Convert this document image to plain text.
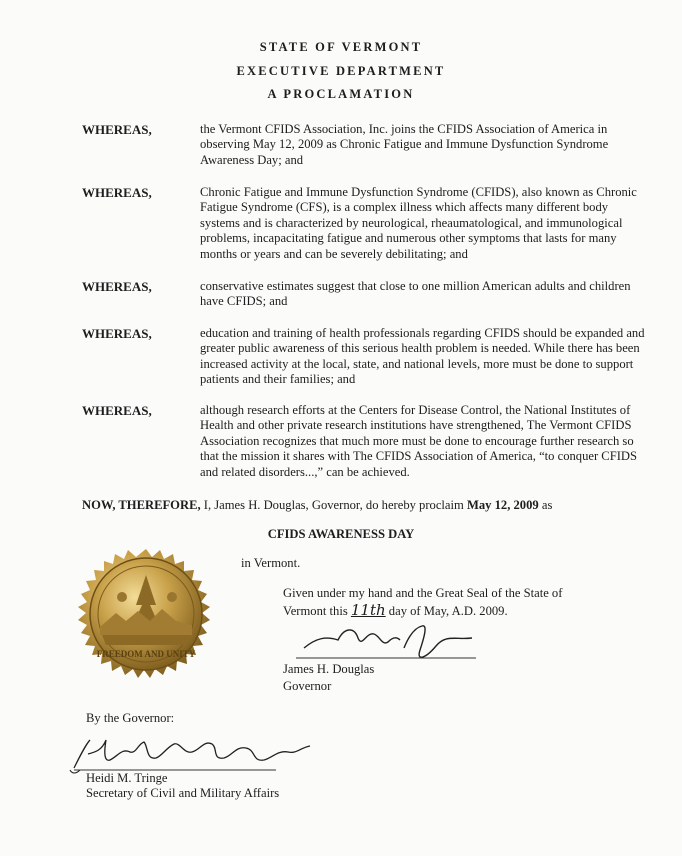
STATE OF VERMONT
EXECUTIVE DEPARTMENT
A PROCLAMATION
WHEREAS,	the Vermont CFIDS Association, Inc. joins the CFIDS Association of America in observing May 12, 2009 as Chronic Fatigue and Immune Dysfunction Syndrome Awareness Day; and
WHEREAS,	Chronic Fatigue and Immune Dysfunction Syndrome (CFIDS), also known as Chronic Fatigue Syndrome (CFS), is a complex illness which affects many different body systems and is characterized by neurological, rheaumatological, and immunological problems, incapacitating fatigue and numerous other symptoms that lasts for many months or years and can be severely debilitating; and
WHEREAS,	conservative estimates suggest that close to one million American adults and children have CFIDS; and
WHEREAS,	education and training of health professionals regarding CFIDS should be expanded and greater public awareness of this serious health problem is needed. While there has been increased activity at the local, state, and national levels, more must be done to support patients and their families; and
WHEREAS,	although research efforts at the Centers for Disease Control, the National Institutes of Health and other private research institutions have strengthened, The Vermont CFIDS Association recognizes that much more must be done to encourage further research so that the mission it shares with The CFIDS Association of America, “to conquer CFIDS and related disorders...,” can be achieved.
NOW, THEREFORE, I, James H. Douglas, Governor, do hereby proclaim May 12, 2009 as
CFIDS AWARENESS DAY
FREEDOM AND UNITY
in Vermont.
Given under my hand and the Great Seal of the State of
Vermont this 11th day of May, A.D. 2009.
James H. Douglas
Governor
By the Governor:
Heidi M. Tringe
Secretary of Civil and Military Affairs
